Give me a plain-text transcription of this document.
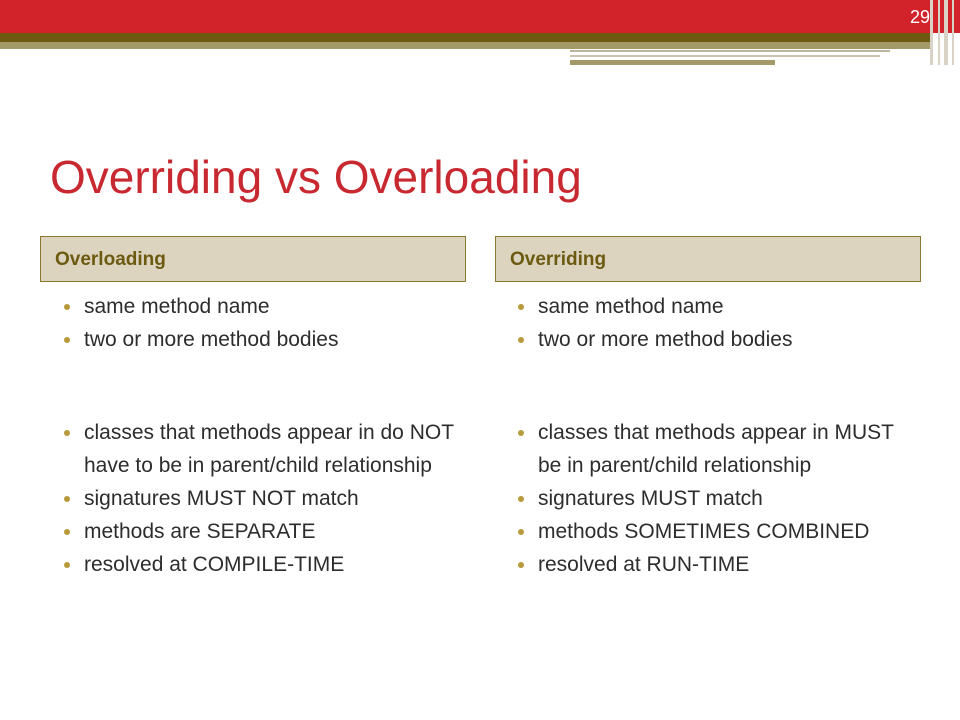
29
Overriding vs Overloading
Overloading	Overriding
same method name
two or more method bodies
classes that methods appear in do NOT have to be in parent/child relationship
signatures MUST NOT match
methods are SEPARATE
resolved at COMPILE-TIME
same method name
two or more method bodies
classes that methods appear in MUST be in parent/child relationship
signatures MUST match
methods SOMETIMES COMBINED
resolved at RUN-TIME
